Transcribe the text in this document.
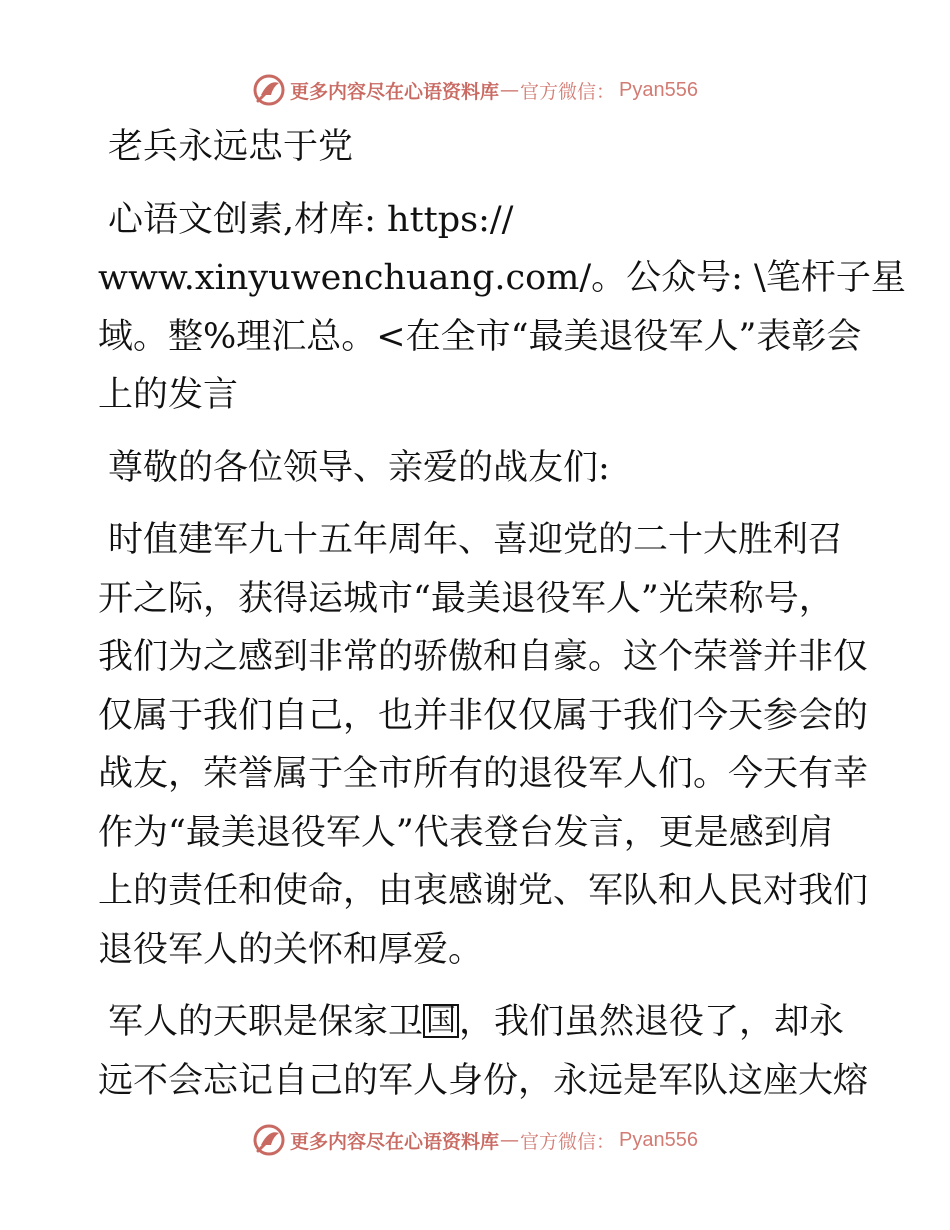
更多内容尽在心语资料库 — 官方微信： Pyan556
老兵永远忠于党
心语文创素,材库: https://
www.xinyuwenchuang.com/。公众号: \笔杆子星
域。整%理汇总。<在全市“最美退役军人”表彰会
上的发言
尊敬的各位领导、亲爱的战友们:
时值建军九十五年周年、喜迎党的二十大胜利召
开之际，获得运城市“最美退役军人”光荣称号，
我们为之感到非常的骄傲和自豪。这个荣誉并非仅
仅属于我们自己，也并非仅仅属于我们今天参会的
战友，荣誉属于全市所有的退役军人们。今天有幸
作为“最美退役军人”代表登台发言，更是感到肩
上的责任和使命，由衷感谢党、军队和人民对我们
退役军人的关怀和厚爱。
军人的天职是保家卫 国，我们虽然退役了，却永
远不会忘记自己的军人身份，永远是军队这座大熔
更多内容尽在心语资料库 — 官方微信： Pyan556
